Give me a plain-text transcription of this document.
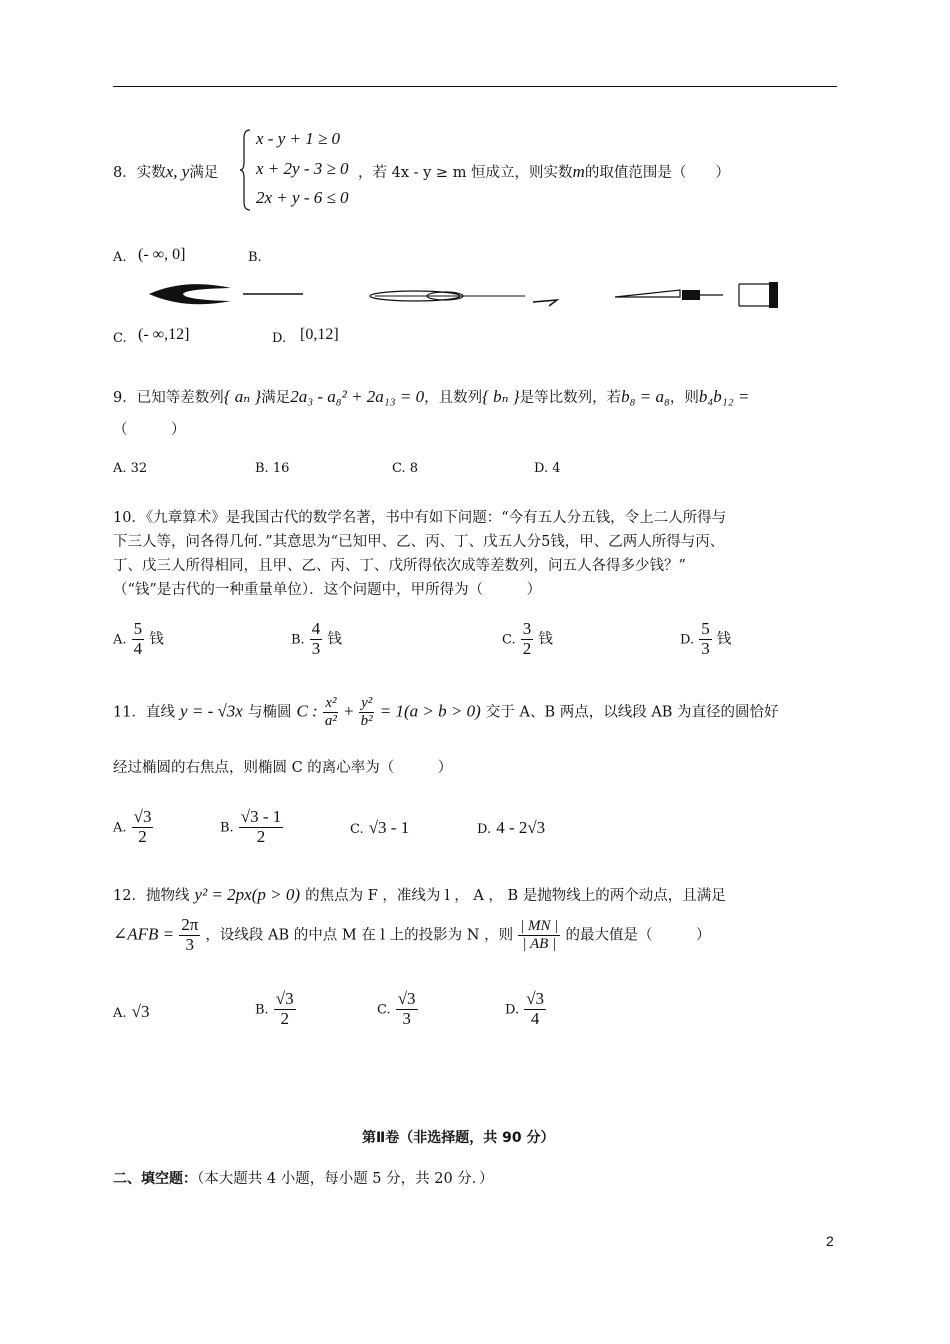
8．实数x, y满足
x - y + 1 ≥ 0
x + 2y - 3 ≥ 0
2x + y - 6 ≤ 0
，若 4x - y ≥ m 恒成立，则实数m的取值范围是（　　）
A. (- ∞, 0]	B.
C. (- ∞,12]	D. [0,12]
9．已知等差数列{ aₙ }满足2a₃ - a₈² + 2a₁₃ = 0，且数列{ bₙ }是等比数列，若b₈ = a₈，则b₄b₁₂ =
（　　　）
A. 32	B. 16	C. 8	D. 4
10．《九章算术》是我国古代的数学名著，书中有如下问题：“今有五人分五钱，令上二人所得与
下三人等，问各得几何．”其意思为“已知甲、乙、丙、丁、戊五人分5钱，甲、乙两人所得与丙、
丁、戊三人所得相同，且甲、乙、丙、丁、戊所得依次成等差数列，问五人各得多少钱？”
（“钱”是古代的一种重量单位）．这个问题中，甲所得为（　　　）
A. $\frac{5}{4}$ 钱	B. $\frac{4}{3}$ 钱	C. $\frac{3}{2}$ 钱	D. $\frac{5}{3}$ 钱
11．直线 y = - √3x 与椭圆 C : $\frac{\text{x²}}{\text{a²}} + \frac{\text{y²}}{\text{b²}} = 1(a > b > 0)$ 交于 A、B 两点，以线段 AB 为直径的圆恰好
经过椭圆的右焦点，则椭圆 C 的离心率为（　　　）
A. $\frac{√3}{2}$	B. $\frac{√3 - 1}{2}$	C. √3 - 1	D. 4 - 2√3
12．抛物线 y² = 2px(p > 0) 的焦点为 F ，准线为 l ， A ， B 是抛物线上的两个动点，且满足
∠AFB = $\frac{2\pi}{3}$ ，设线段 AB 的中点 M 在 l 上的投影为 N ，则 $\frac{| MN |}{| AB |}$ 的最大值是（　　　）
A. √3	B. $\frac{√3}{2}$	C. $\frac{√3}{3}$	D. $\frac{√3}{4}$
第Ⅱ卷（非选择题，共 90 分）
二、填空题：（本大题共 4 小题，每小题 5 分，共 20 分．）
2
